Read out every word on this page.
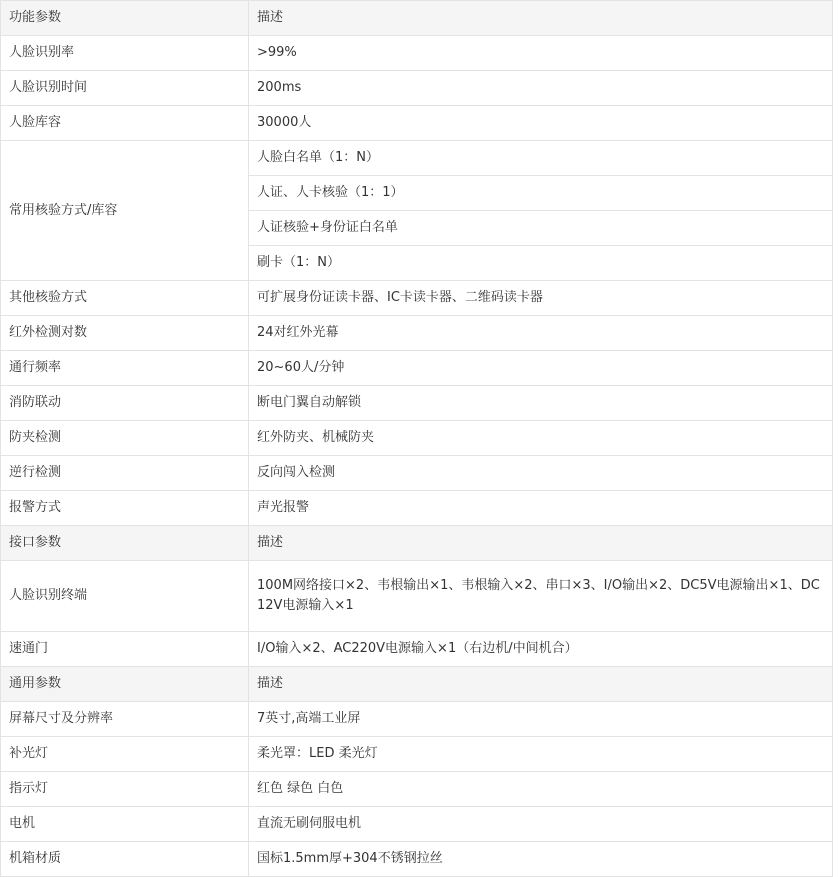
功能参数	描述
人脸识别率	>99%
人脸识别时间	200ms
人脸库容	30000人
常用核验方式/库容	人脸白名单（1：N）
	人证、人卡核验（1：1）
	人证核验+身份证白名单
	刷卡（1：N）
其他核验方式	可扩展身份证读卡器、IC卡读卡器、二维码读卡器
红外检测对数	24对红外光幕
通行频率	20~60人/分钟
消防联动	断电门翼自动解锁
防夹检测	红外防夹、机械防夹
逆行检测	反向闯入检测
报警方式	声光报警
接口参数	描述
人脸识别终端	100M网络接口×2、韦根输出×1、韦根输入×2、串口×3、I/O输出×2、DC5V电源输出×1、DC12V电源输入×1
速通门	I/O输入×2、AC220V电源输入×1（右边机/中间机合）
通用参数	描述
屏幕尺寸及分辨率	7英寸,高端工业屏
补光灯	柔光罩：LED 柔光灯
指示灯	红色 绿色 白色
电机	直流无刷伺服电机
机箱材质	国标1.5mm厚+304不锈钢拉丝
